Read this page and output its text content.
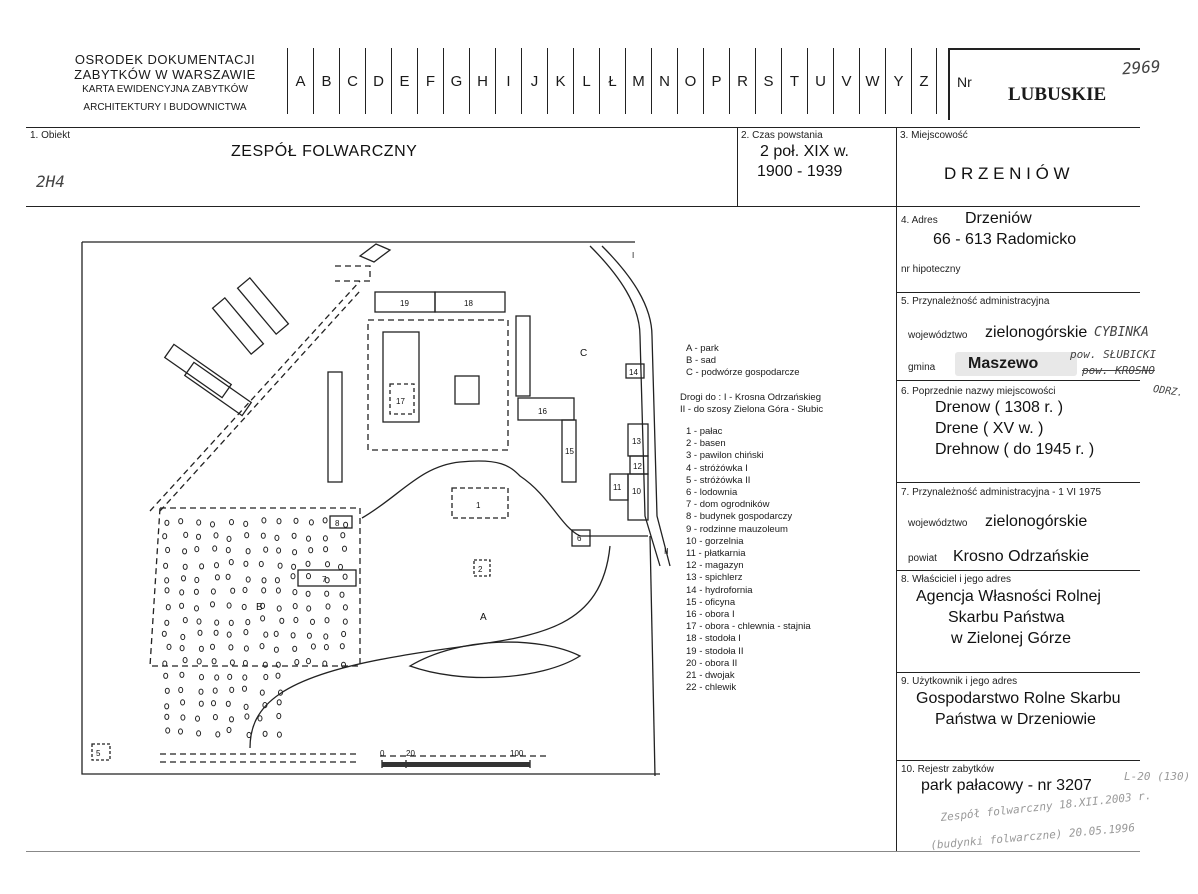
OSRODEK DOKUMENTACJI
ZABYTKÓW W WARSZAWIE
KARTA EWIDENCYJNA ZABYTKÓW
ARCHITEKTURY I BUDOWNICTWA
A	B	C	D	E	F	G H	I	J	K	L	Ł	M N O	P	R	S	T	U	V W Y	Z	Nr
2969
LUBUSKIE
1. Obiekt
ZESPÓŁ FOLWARCZNY
2H4
2. Czas powstania
2 poł. XIX w.
1900 - 1939
3. Miejscowość
D R Z E N I Ó W
4. Adres Drzeniów
66 - 613 Radomicko
nr hipoteczny
5. Przynależność administracyjna
województwo zielonogórskie
gmina Maszewo
CYBINKA
pow. SŁUBICKI
pow. KROSNO
ODRZ.
6. Poprzednie nazwy miejscowości
Drenow ( 1308 r. )
Drene ( XV w. )
Drehnow ( do 1945 r. )
7. Przynależność administracyjna - 1 VI 1975
województwo zielonogórskie
powiat Krosno Odrzańskie
8. Właściciel i jego adres
Agencja Własności Rolnej
Skarbu Państwa
w Zielonej Górze
9. Użytkownik i jego adres
Gospodarstwo Rolne Skarbu
Państwa w Drzeniowie
10. Rejestr zabytków
park pałacowy - nr 3207
L-20 (130)
Zespół folwarczny 18.XII.2003 r.
(budynki folwarczne) 20.05.1996
A - park
B - sad
C - podwórze gospodarcze
Drogi do : I - Krosna Odrzańskieg
II - do szosy Zielona Góra - Słubic
1 - pałac
2 - basen
3 - pawilon chiński
4 - stróżówka I
5 - stróżówka II
6 - lodownia
7 - dom ogrodników
8 - budynek gospodarczy
9 - rodzinne mauzoleum
10 - gorzelnia
11 - płatkarnia
12 - magazyn
13 - spichlerz
14 - hydrofornia
15 - oficyna
16 - obora I
17 - obora - chlewnia - stajnia
18 - stodoła I
19 - stodoła II
20 - obora II
21 - dwojak
22 - chlewik
19	18
17
16
15
13
12
11 10
14
6
1
2
7
8
5
A
B
C
I
II
0	20	100
